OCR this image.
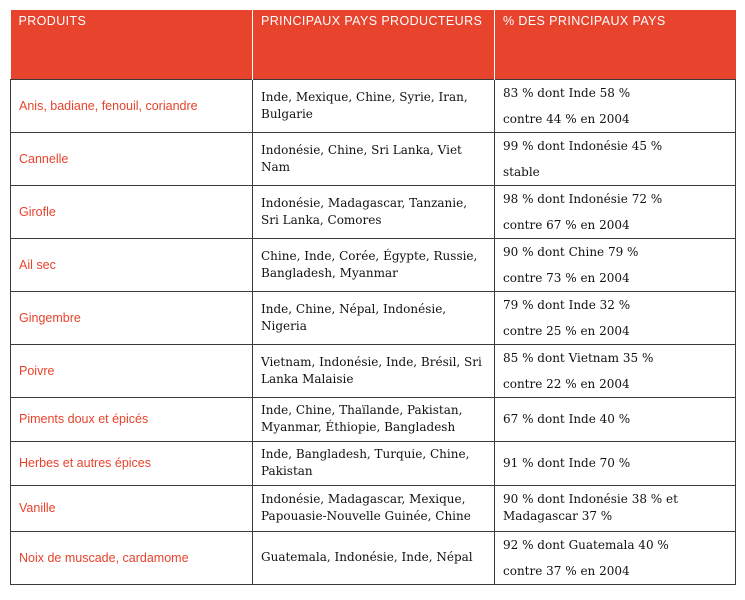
PRODUITS	PRINCIPAUX PAYS PRODUCTEURS	% DES PRINCIPAUX PAYS
Anis, badiane, fenouil, coriandre	Inde, Mexique, Chine, Syrie, Iran, Bulgarie	83 % dont Inde 58 %
contre 44 % en 2004

Cannelle	Indonésie, Chine, Sri Lanka, Viet Nam	99 % dont Indonésie 45 %
stable

Girofle	Indonésie, Madagascar, Tanzanie, Sri Lanka, Comores	98 % dont Indonésie 72 %
contre 67 % en 2004

Ail sec	Chine, Inde, Corée, Égypte, Russie, Bangladesh, Myanmar	90 % dont Chine 79 %
contre 73 % en 2004

Gingembre	Inde, Chine, Népal, Indonésie, Nigeria	79 % dont Inde 32 %
contre 25 % en 2004

Poivre	Vietnam, Indonésie, Inde, Brésil, Sri Lanka Malaisie	85 % dont Vietnam 35 %
contre 22 % en 2004

Piments doux et épicés	Inde, Chine, Thaïlande, Pakistan, Myanmar, Éthiopie, Bangladesh	67 % dont Inde 40 %

Herbes et autres épices	Inde, Bangladesh, Turquie, Chine, Pakistan	91 % dont Inde 70 %

Vanille	Indonésie, Madagascar, Mexique, Papouasie-Nouvelle Guinée, Chine	90 % dont Indonésie 38 % et
Madagascar 37 %

Noix de muscade, cardamome	Guatemala, Indonésie, Inde, Népal	92 % dont Guatemala 40 %
contre 37 % en 2004
